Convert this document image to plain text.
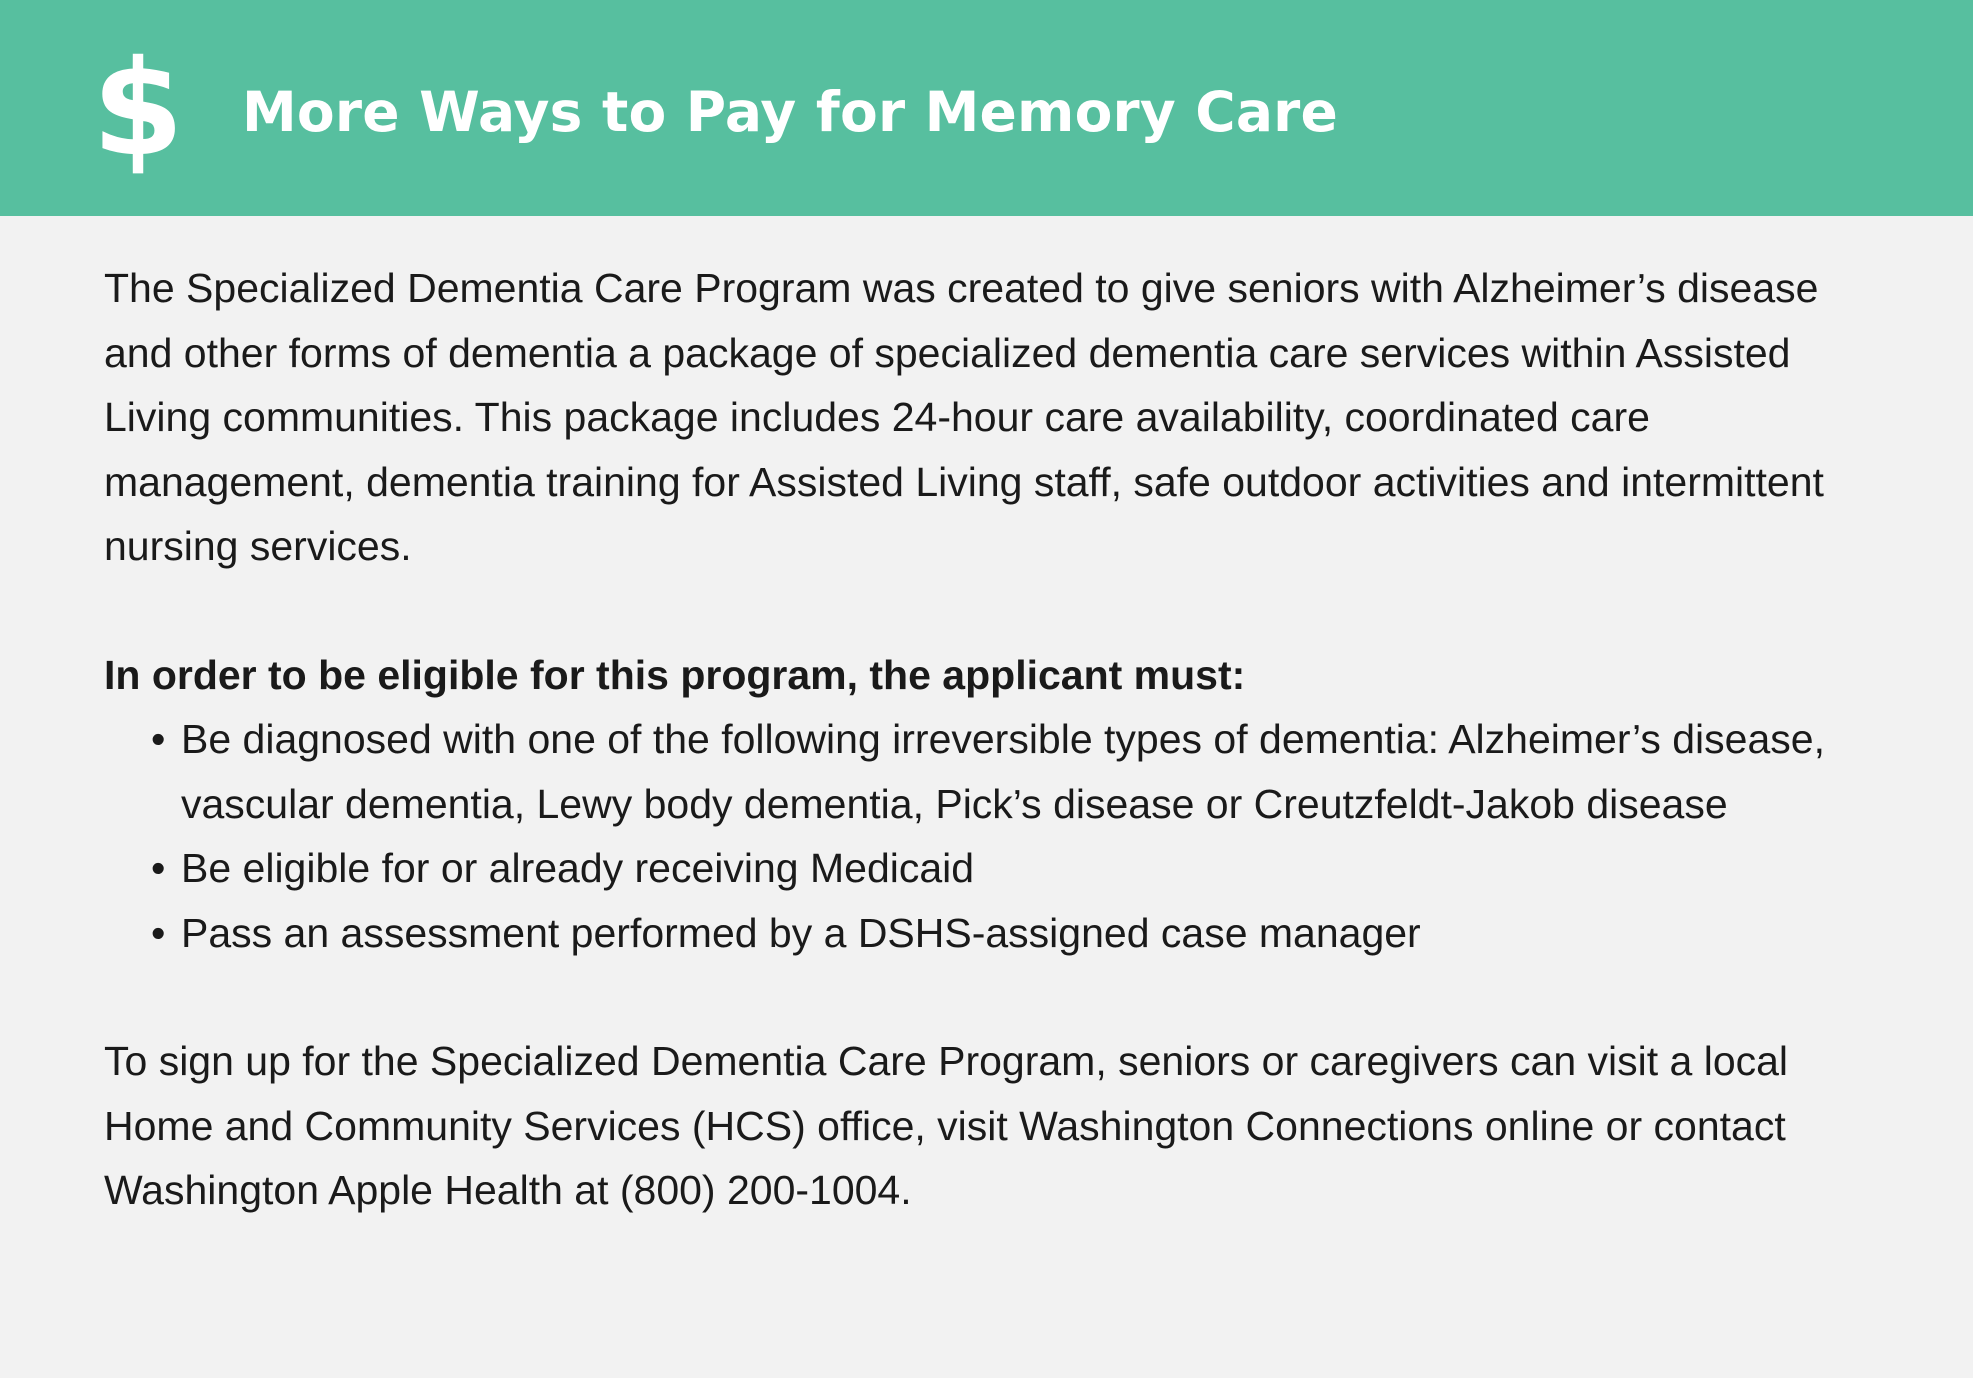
$ More Ways to Pay for Memory Care

The Specialized Dementia Care Program was created to give seniors with Alzheimer’s disease and other forms of dementia a package of specialized dementia care services within Assisted Living communities. This package includes 24-hour care availability, coordinated care management, dementia training for Assisted Living staff, safe outdoor activities and intermittent nursing services.

In order to be eligible for this program, the applicant must:

• Be diagnosed with one of the following irreversible types of dementia: Alzheimer’s disease, vascular dementia, Lewy body dementia, Pick’s disease or Creutzfeldt-Jakob disease
• Be eligible for or already receiving Medicaid
• Pass an assessment performed by a DSHS-assigned case manager

To sign up for the Specialized Dementia Care Program, seniors or caregivers can visit a local Home and Community Services (HCS) office, visit Washington Connections online or contact Washington Apple Health at (800) 200-1004.
